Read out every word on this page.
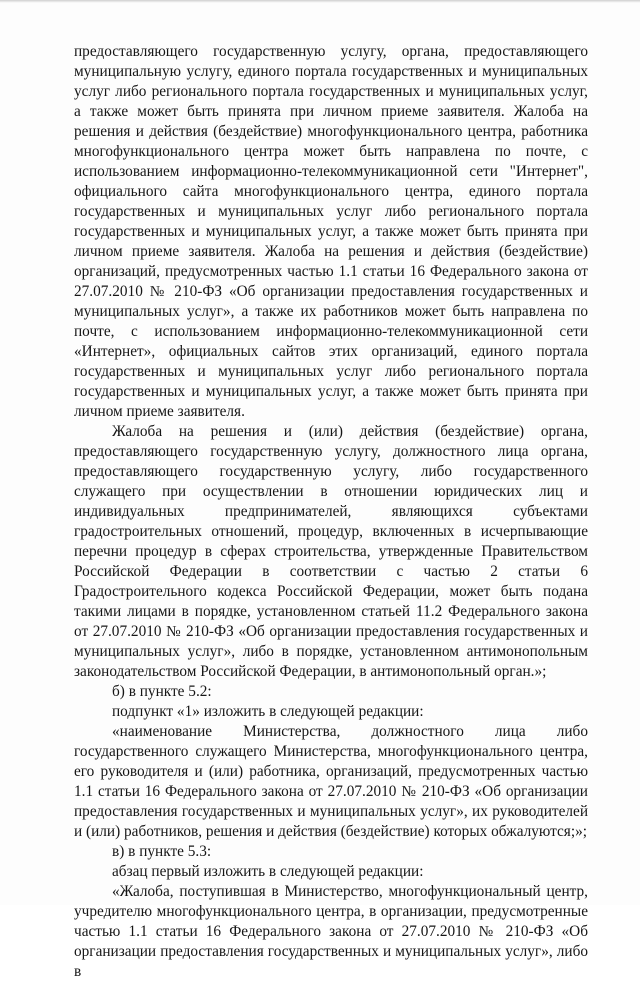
предоставляющего государственную услугу, органа, предоставляющего муниципальную услугу, единого портала государственных и муниципальных услуг либо регионального портала государственных и муниципальных услуг, а также может быть принята при личном приеме заявителя. Жалоба на решения и действия (бездействие) многофункционального центра, работника многофункционального центра может быть направлена по почте, с использованием информационно-телекоммуникационной сети "Интернет", официального сайта многофункционального центра, единого портала государственных и муниципальных услуг либо регионального портала государственных и муниципальных услуг, а также может быть принята при личном приеме заявителя. Жалоба на решения и действия (бездействие) организаций, предусмотренных частью 1.1 статьи 16 Федерального закона от 27.07.2010 № 210-ФЗ «Об организации предоставления государственных и муниципальных услуг», а также их работников может быть направлена по почте, с использованием информационно-телекоммуникационной сети «Интернет», официальных сайтов этих организаций, единого портала государственных и муниципальных услуг либо регионального портала государственных и муниципальных услуг, а также может быть принята при личном приеме заявителя.

Жалоба на решения и (или) действия (бездействие) органа, предоставляющего государственную услугу, должностного лица органа, предоставляющего государственную услугу, либо государственного служащего при осуществлении в отношении юридических лиц и индивидуальных предпринимателей, являющихся субъектами градостроительных отношений, процедур, включенных в исчерпывающие перечни процедур в сферах строительства, утвержденные Правительством Российской Федерации в соответствии с частью 2 статьи 6 Градостроительного кодекса Российской Федерации, может быть подана такими лицами в порядке, установленном статьей 11.2 Федерального закона от 27.07.2010 № 210-ФЗ «Об организации предоставления государственных и муниципальных услуг», либо в порядке, установленном антимонопольным законодательством Российской Федерации, в антимонопольный орган.»;

б) в пункте 5.2:

подпункт «1» изложить в следующей редакции:

«наименование Министерства, должностного лица либо государственного служащего Министерства, многофункционального центра, его руководителя и (или) работника, организаций, предусмотренных частью 1.1 статьи 16 Федерального закона от 27.07.2010 № 210-ФЗ «Об организации предоставления государственных и муниципальных услуг», их руководителей и (или) работников, решения и действия (бездействие) которых обжалуются;»;

в) в пункте 5.3:

абзац первый изложить в следующей редакции:

«Жалоба, поступившая в Министерство, многофункциональный центр, учредителю многофункционального центра, в организации, предусмотренные частью 1.1 статьи 16 Федерального закона от 27.07.2010 № 210-ФЗ «Об организации предоставления государственных и муниципальных услуг», либо в
